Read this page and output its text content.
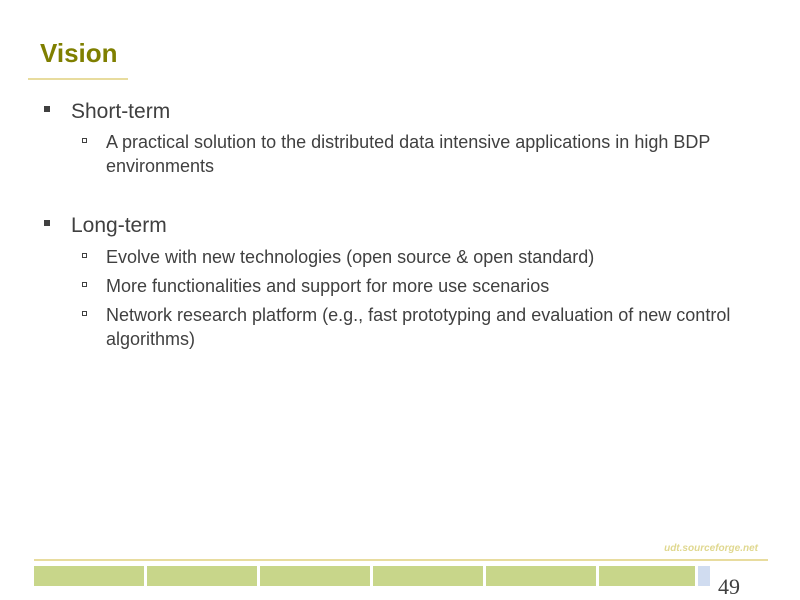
Vision
Short-term
A practical solution to the distributed data intensive applications in high BDP environments
Long-term
Evolve with new technologies (open source & open standard)
More functionalities and support for more use scenarios
Network research platform (e.g., fast prototyping and evaluation of new control algorithms)
udt.sourceforge.net
49
